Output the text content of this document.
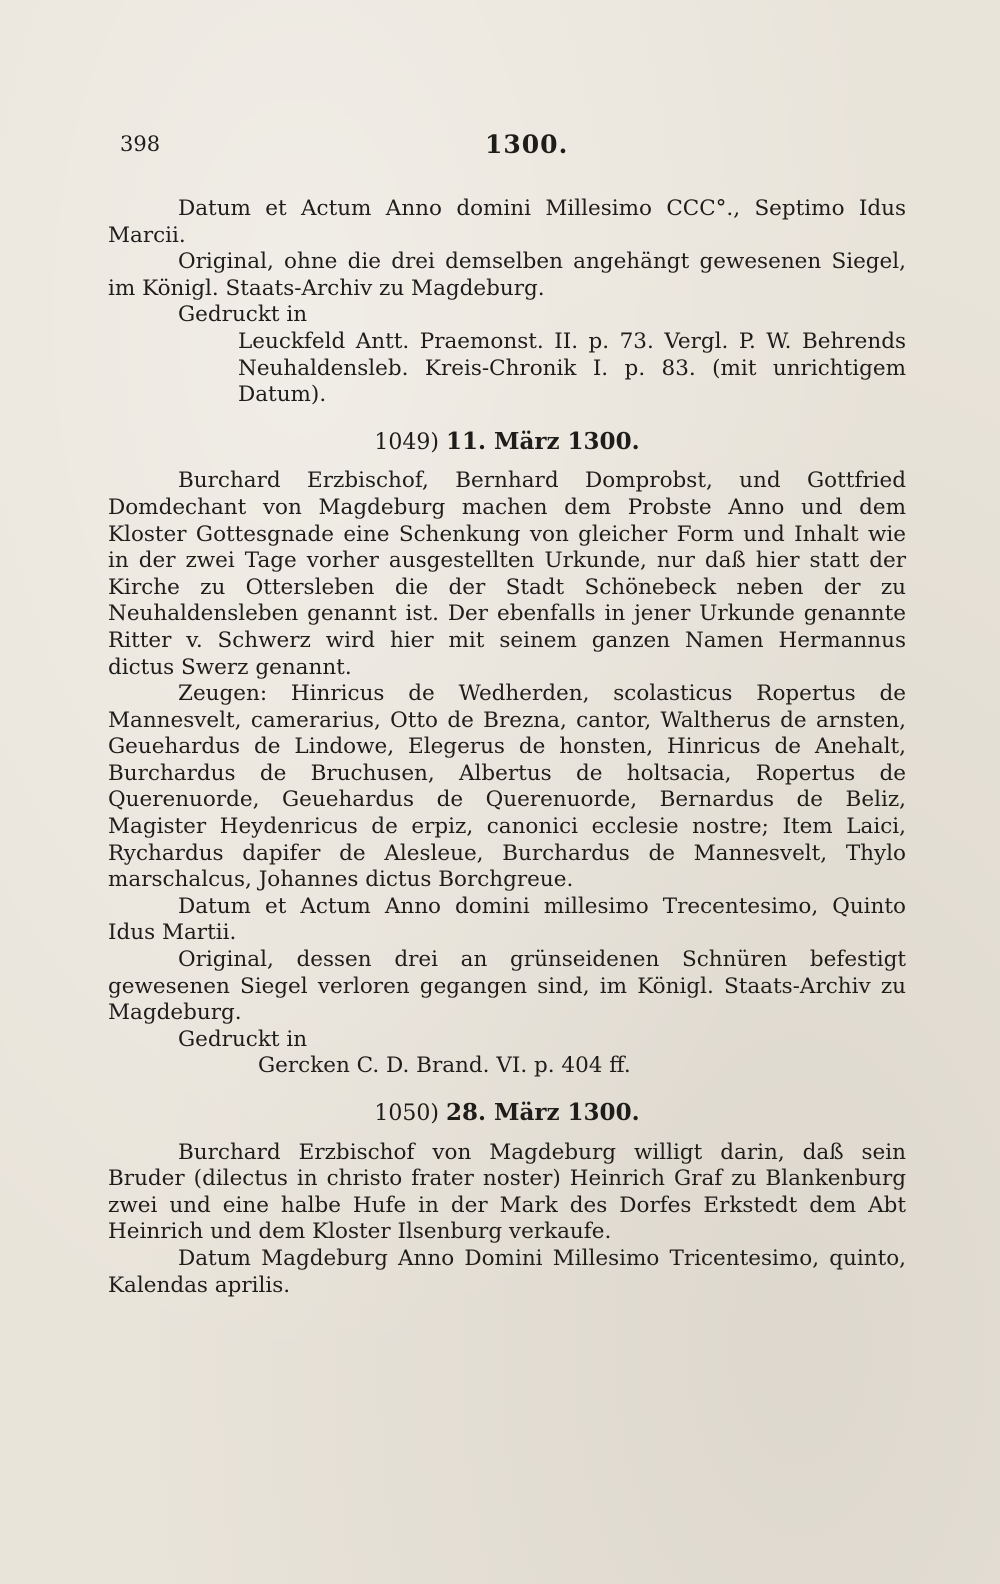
398	1300.

Datum et Actum Anno domini Millesimo CCC°., Septimo Idus Marcii.

Original, ohne die drei demselben angehängt gewesenen Siegel, im Königl. Staats-Archiv zu Magdeburg.

Gedruckt in

Leuckfeld Antt. Praemonst. II. p. 73. Vergl. P. W. Behrends Neuhaldensleb. Kreis-Chronik I. p. 83. (mit unrichtigem Datum).

1049) 11. März 1300.

Burchard Erzbischof, Bernhard Domprobst, und Gottfried Domdechant von Magdeburg machen dem Probste Anno und dem Kloster Gottesgnade eine Schenkung von gleicher Form und Inhalt wie in der zwei Tage vorher ausgestellten Urkunde, nur daß hier statt der Kirche zu Ottersleben die der Stadt Schönebeck neben der zu Neuhaldensleben genannt ist. Der ebenfalls in jener Urkunde genannte Ritter v. Schwerz wird hier mit seinem ganzen Namen Hermannus dictus Swerz genannt.

Zeugen: Hinricus de Wedherden, scolasticus Ropertus de Mannesvelt, camerarius, Otto de Brezna, cantor, Waltherus de arnsten, Geuehardus de Lindowe, Elegerus de honsten, Hinricus de Anehalt, Burchardus de Bruchusen, Albertus de holtsacia, Ropertus de Querenuorde, Geuehardus de Querenuorde, Bernardus de Beliz, Magister Heydenricus de erpiz, canonici ecclesie nostre; Item Laici, Rychardus dapifer de Alesleue, Burchardus de Mannesvelt, Thylo marschalcus, Johannes dictus Borchgreue.

Datum et Actum Anno domini millesimo Trecentesimo, Quinto Idus Martii.

Original, dessen drei an grünseidenen Schnüren befestigt gewesenen Siegel verloren gegangen sind, im Königl. Staats-Archiv zu Magdeburg.

Gedruckt in

Gercken C. D. Brand. VI. p. 404 ff.

1050) 28. März 1300.

Burchard Erzbischof von Magdeburg willigt darin, daß sein Bruder (dilectus in christo frater noster) Heinrich Graf zu Blankenburg zwei und eine halbe Hufe in der Mark des Dorfes Erkstedt dem Abt Heinrich und dem Kloster Ilsenburg verkaufe.

Datum Magdeburg Anno Domini Millesimo Tricentesimo, quinto, Kalendas aprilis.
